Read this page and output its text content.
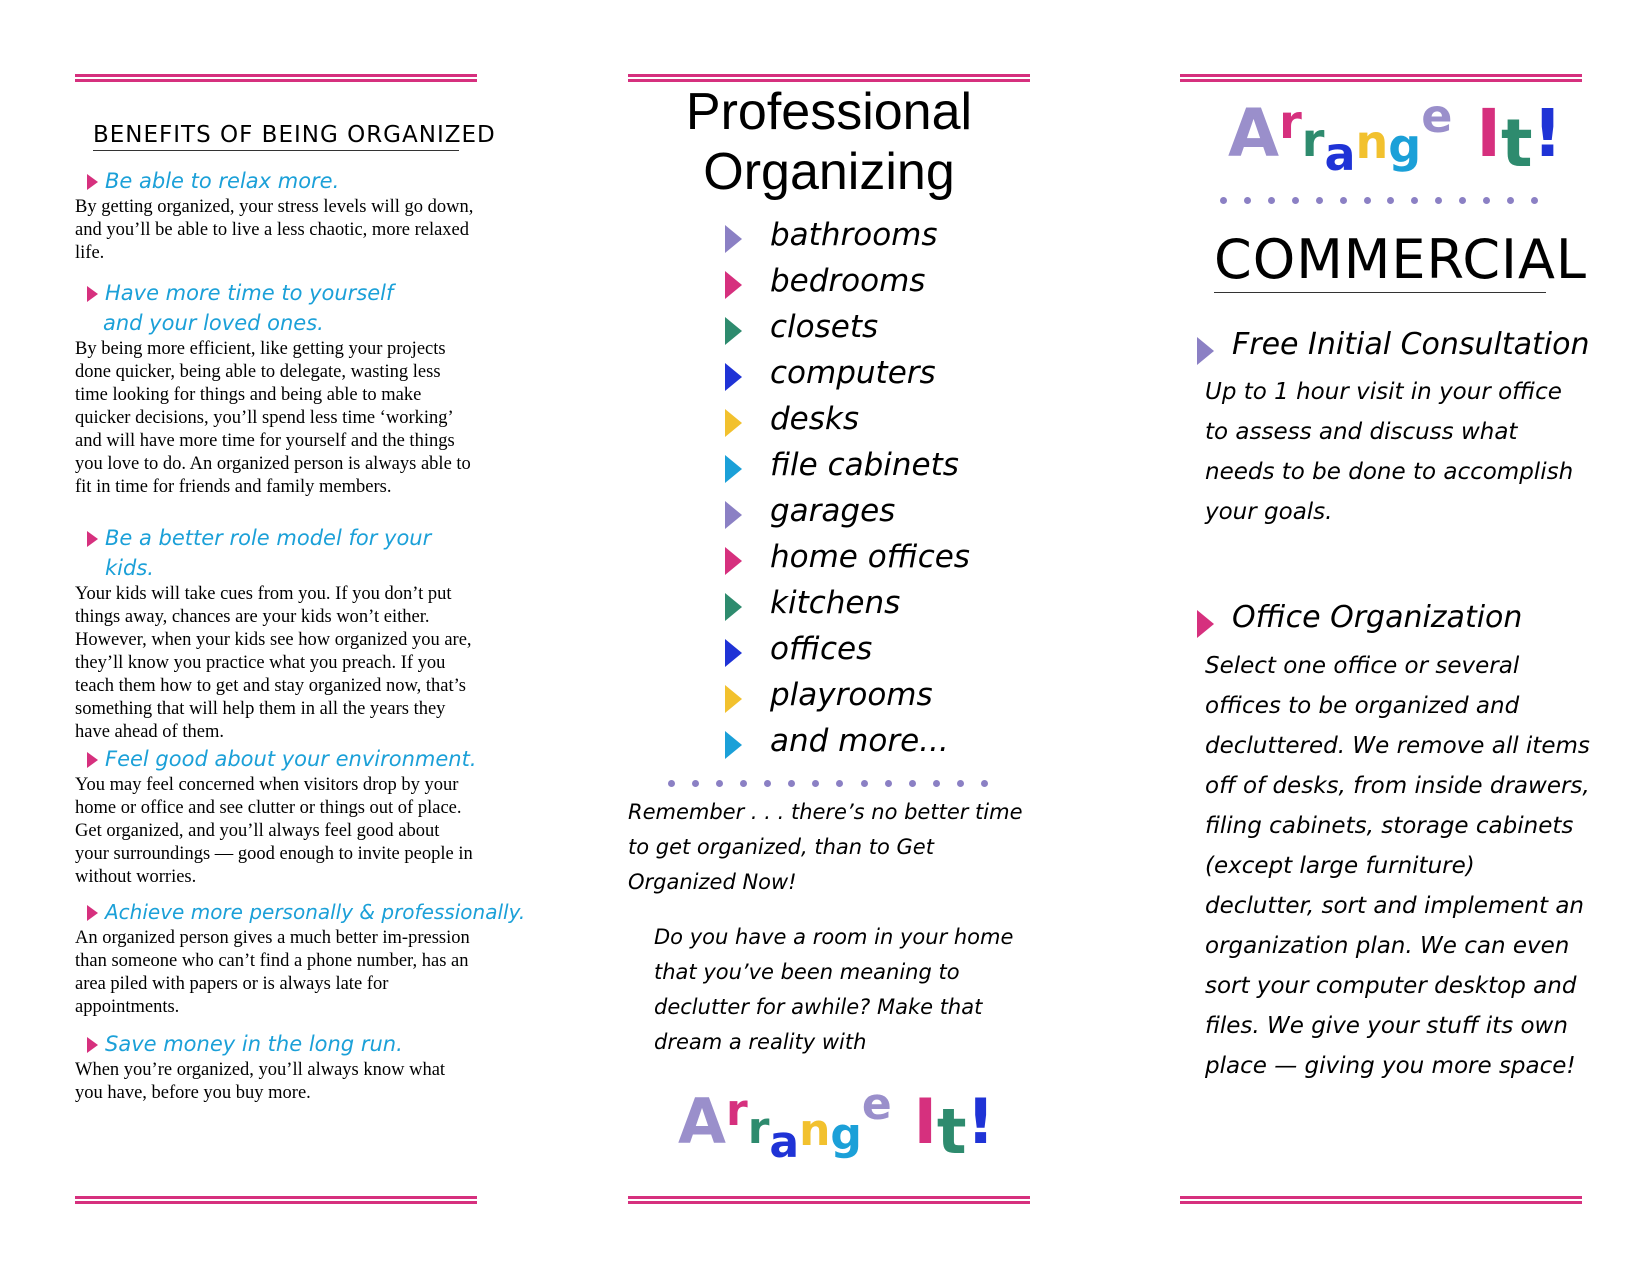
BENEFITS OF BEING ORGANIZED
Be able to relax more.
By getting organized, your stress levels will go down, and you’ll be able to live a less chaotic, more relaxed life.
Have more time to yourself
and your loved ones.
By being more efficient, like getting your projects done quicker, being able to delegate, wasting less time looking for things and being able to make quicker decisions, you’ll spend less time ‘working’ and will have more time for yourself and the things you love to do. An organized person is always able to fit in time for friends and family members.
Be a better role model for your kids.
Your kids will take cues from you. If you don’t put things away, chances are your kids won’t either. However, when your kids see how organized you are, they’ll know you practice what you preach. If you teach them how to get and stay organized now, that’s something that will help them in all the years they have ahead of them.
Feel good about your environment.
You may feel concerned when visitors drop by your home or office and see clutter or things out of place. Get organized, and you’ll always feel good about your surroundings — good enough to invite people in without worries.
Achieve more personally & professionally.
An organized person gives a much better im-pression than someone who can’t find a phone number, has an area piled with papers or is always late for appointments.
Save money in the long run.
When you’re organized, you’ll always know what you have, before you buy more.
Professional
Organizing
bathrooms
bedrooms
closets
computers
desks
file cabinets
garages
home offices
kitchens
offices
playrooms
and more...
Remember . . . there’s no better time to get organized, than to Get Organized Now!
Do you have a room in your home that you’ve been meaning to declutter for awhile? Make that dream a reality with
Arrange It!
Arrange It!
COMMERCIAL
Free Initial Consultation
Up to 1 hour visit in your office to assess and discuss what needs to be done to accomplish your goals.
Office Organization
Select one office or several offices to be organized and decluttered. We remove all items off of desks, from inside drawers, filing cabinets, storage cabinets (except large furniture) declutter, sort and implement an organization plan. We can even sort your computer desktop and files. We give your stuff its own place — giving you more space!
